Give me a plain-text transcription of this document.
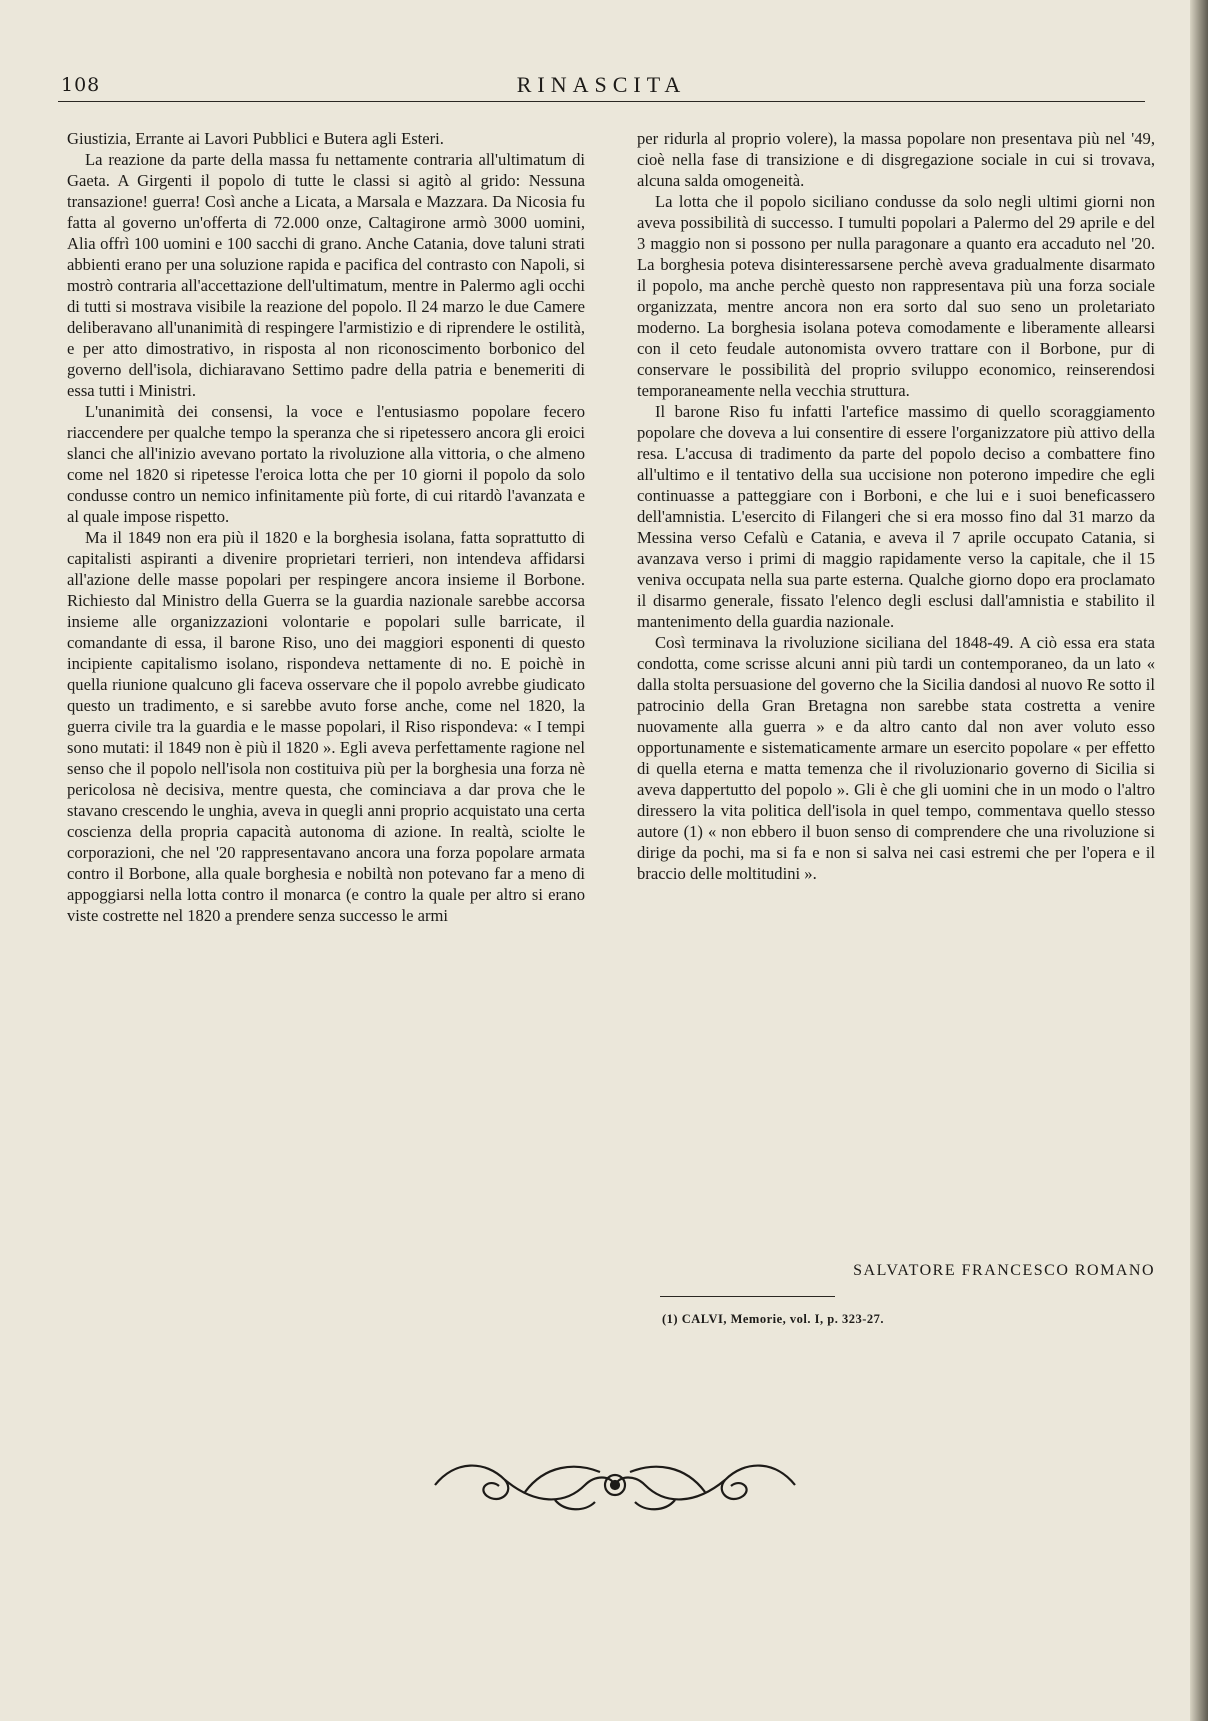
108	RINASCITA

Giustizia, Errante ai Lavori Pubblici e Butera agli Esteri.

La reazione da parte della massa fu nettamente contraria all'ultimatum di Gaeta. A Girgenti il popolo di tutte le classi si agitò al grido: Nessuna transazione! guerra! Così anche a Licata, a Marsala e Mazzara. Da Nicosia fu fatta al governo un'offerta di 72.000 onze, Caltagirone armò 3000 uomini, Alia offrì 100 uomini e 100 sacchi di grano. Anche Catania, dove taluni strati abbienti erano per una soluzione rapida e pacifica del contrasto con Napoli, si mostrò contraria all'accettazione dell'ultimatum, mentre in Palermo agli occhi di tutti si mostrava visibile la reazione del popolo. Il 24 marzo le due Camere deliberavano all'unanimità di respingere l'armistizio e di riprendere le ostilità, e per atto dimostrativo, in risposta al non riconoscimento borbonico del governo dell'isola, dichiaravano Settimo padre della patria e benemeriti di essa tutti i Ministri.

L'unanimità dei consensi, la voce e l'entusiasmo popolare fecero riaccendere per qualche tempo la speranza che si ripetessero ancora gli eroici slanci che all'inizio avevano portato la rivoluzione alla vittoria, o che almeno come nel 1820 si ripetesse l'eroica lotta che per 10 giorni il popolo da solo condusse contro un nemico infinitamente più forte, di cui ritardò l'avanzata e al quale impose rispetto.

Ma il 1849 non era più il 1820 e la borghesia isolana, fatta soprattutto di capitalisti aspiranti a divenire proprietari terrieri, non intendeva affidarsi all'azione delle masse popolari per respingere ancora insieme il Borbone. Richiesto dal Ministro della Guerra se la guardia nazionale sarebbe accorsa insieme alle organizzazioni volontarie e popolari sulle barricate, il comandante di essa, il barone Riso, uno dei maggiori esponenti di questo incipiente capitalismo isolano, rispondeva nettamente di no. E poichè in quella riunione qualcuno gli faceva osservare che il popolo avrebbe giudicato questo un tradimento, e si sarebbe avuto forse anche, come nel 1820, la guerra civile tra la guardia e le masse popolari, il Riso rispondeva: « I tempi sono mutati: il 1849 non è più il 1820 ». Egli aveva perfettamente ragione nel senso che il popolo nell'isola non costituiva più per la borghesia una forza nè pericolosa nè decisiva, mentre questa, che cominciava a dar prova che le stavano crescendo le unghia, aveva in quegli anni proprio acquistato una certa coscienza della propria capacità autonoma di azione. In realtà, sciolte le corporazioni, che nel '20 rappresentavano ancora una forza popolare armata contro il Borbone, alla quale borghesia e nobiltà non potevano far a meno di appoggiarsi nella lotta contro il monarca (e contro la quale per altro si erano viste costrette nel 1820 a prendere senza successo le armi

per ridurla al proprio volere), la massa popolare non presentava più nel '49, cioè nella fase di transizione e di disgregazione sociale in cui si trovava, alcuna salda omogeneità.

La lotta che il popolo siciliano condusse da solo negli ultimi giorni non aveva possibilità di successo. I tumulti popolari a Palermo del 29 aprile e del 3 maggio non si possono per nulla paragonare a quanto era accaduto nel '20. La borghesia poteva disinteressarsene perchè aveva gradualmente disarmato il popolo, ma anche perchè questo non rappresentava più una forza sociale organizzata, mentre ancora non era sorto dal suo seno un proletariato moderno. La borghesia isolana poteva comodamente e liberamente allearsi con il ceto feudale autonomista ovvero trattare con il Borbone, pur di conservare le possibilità del proprio sviluppo economico, reinserendosi temporaneamente nella vecchia struttura.

Il barone Riso fu infatti l'artefice massimo di quello scoraggiamento popolare che doveva a lui consentire di essere l'organizzatore più attivo della resa. L'accusa di tradimento da parte del popolo deciso a combattere fino all'ultimo e il tentativo della sua uccisione non poterono impedire che egli continuasse a patteggiare con i Borboni, e che lui e i suoi beneficassero dell'amnistia. L'esercito di Filangeri che si era mosso fino dal 31 marzo da Messina verso Cefalù e Catania, e aveva il 7 aprile occupato Catania, si avanzava verso i primi di maggio rapidamente verso la capitale, che il 15 veniva occupata nella sua parte esterna. Qualche giorno dopo era proclamato il disarmo generale, fissato l'elenco degli esclusi dall'amnistia e stabilito il mantenimento della guardia nazionale.

Così terminava la rivoluzione siciliana del 1848-49. A ciò essa era stata condotta, come scrisse alcuni anni più tardi un contemporaneo, da un lato « dalla stolta persuasione del governo che la Sicilia dandosi al nuovo Re sotto il patrocinio della Gran Bretagna non sarebbe stata costretta a venire nuovamente alla guerra » e da altro canto dal non aver voluto esso opportunamente e sistematicamente armare un esercito popolare « per effetto di quella eterna e matta temenza che il rivoluzionario governo di Sicilia si aveva dappertutto del popolo ». Gli è che gli uomini che in un modo o l'altro diressero la vita politica dell'isola in quel tempo, commentava quello stesso autore (1) « non ebbero il buon senso di comprendere che una rivoluzione si dirige da pochi, ma si fa e non si salva nei casi estremi che per l'opera e il braccio delle moltitudini ».

SALVATORE FRANCESCO ROMANO
(1) CALVI, Memorie, vol. I, p. 323-27.
